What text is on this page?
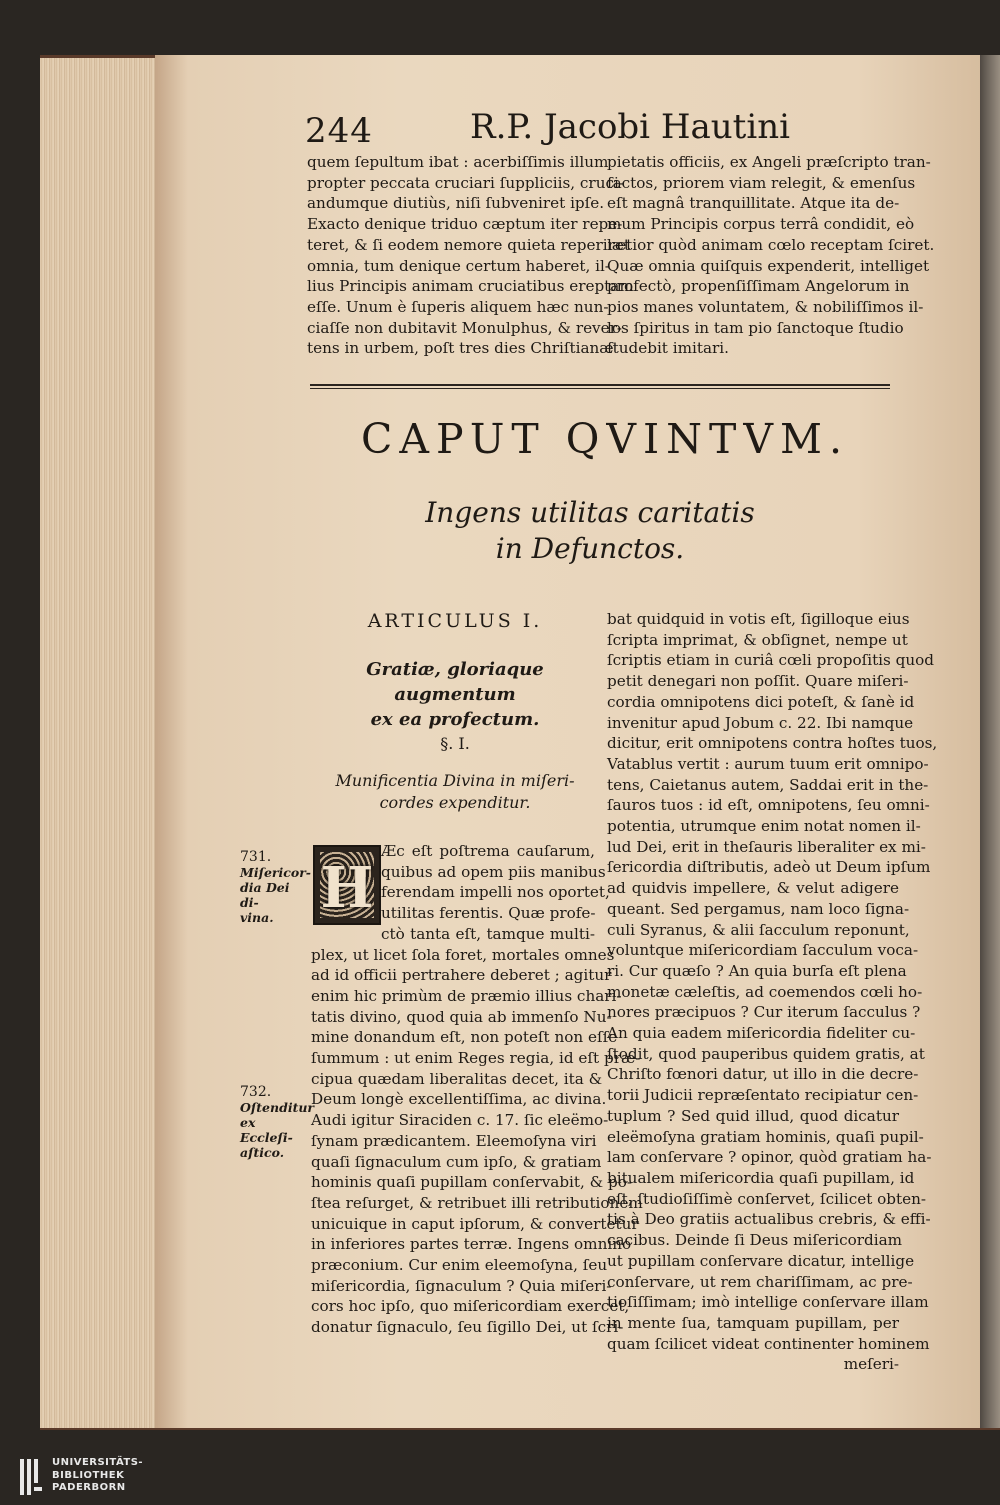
244	R.P. Jacobi Hautini
quem ſepultum ibat : acerbiſſimis illum
propter peccata cruciari ſuppliciis, cruci-
andumque diutiùs, niſi ſubveniret ipſe.
Exacto denique triduo cæptum iter repe-
teret, & ſi eodem nemore quieta reperiret
omnia, tum denique certum haberet, il-
lius Principis animam cruciatibus ereptam
eſſe. Unum è ſuperis aliquem hæc nun-
ciaſſe non dubitavit Monulphus, & rever-
tens in urbem, poſt tres dies Chriſtianæ
pietatis officiis, ex Angeli præſcripto tran-
ſactos, priorem viam relegit, & emenſus
eſt magnâ tranquillitate. Atque ita de-
mum Principis corpus terrâ condidit, eò
lætior quòd animam cœlo receptam ſciret.
Quæ omnia quiſquis expenderit, intelliget
profectò, propenſiſſimam Angelorum in
pios manes voluntatem, & nobiliſſimos il-
los ſpiritus in tam pio ſanctoque ſtudio
ſtudebit imitari.
CAPUT QVINTVM.
Ingens utilitas caritatis
in Defunctos.
ARTICULUS I.
Gratiæ, gloriaque augmentum
ex ea profectum.
§. I.
Munificentia Divina in miſeri-
cordes expenditur.
731.
Miſericor-
dia Dei di-
vina.
732.
Oſtenditur
ex Eccleſi-
aſtico.
H
Æc eſt poſtrema cauſarum,
quibus ad opem piis manibus
ferendam impelli nos oportet,
utilitas ferentis. Quæ profe-
ctò tanta eſt, tamque multi-
plex, ut licet ſola foret, mortales omnes
ad id officii pertrahere deberet ; agitur
enim hic primùm de præmio illius chari-
tatis divino, quod quia ab immenſo Nu-
mine donandum eſt, non poteſt non eſſe
ſummum : ut enim Reges regia, id eſt præ-
cipua quædam liberalitas decet, ita &
Deum longè excellentiſſima, ac divina.
Audi igitur Siraciden c. 17. ſic eleëmo-
ſynam prædicantem. Eleemoſyna viri
quaſi ſignaculum cum ipſo, & gratiam
hominis quaſi pupillam conſervabit, & po-
ſtea reſurget, & retribuet illi retributionem
unicuique in caput ipſorum, & convertetur
in inferiores partes terræ. Ingens omnino
præconium. Cur enim eleemoſyna, ſeu
miſericordia, ſignaculum ? Quia miſeri-
cors hoc ipſo, quo miſericordiam exercet,
donatur ſignaculo, ſeu ſigillo Dei, ut ſcri-
bat quidquid in votis eſt, ſigilloque eius
ſcripta imprimat, & obſignet, nempe ut
ſcriptis etiam in curiâ cœli propoſitis quod
petit denegari non poſſit. Quare miſeri-
cordia omnipotens dici poteſt, & ſanè id
invenitur apud Jobum c. 22. Ibi namque
dicitur, erit omnipotens contra hoſtes tuos,
Vatablus vertit : aurum tuum erit omnipo-
tens, Caietanus autem, Saddai erit in the-
ſauros tuos : id eſt, omnipotens, ſeu omni-
potentia, utrumque enim notat nomen il-
lud Dei, erit in theſauris liberaliter ex mi-
ſericordia diſtributis, adeò ut Deum ipſum
ad quidvis impellere, & velut adigere
queant. Sed pergamus, nam loco ſigna-
culi Syranus, & alii ſacculum reponunt,
voluntque miſericordiam ſacculum voca-
ri. Cur quæſo ? An quia burſa eſt plena
monetæ cæleſtis, ad coemendos cœli ho-
nores præcipuos ? Cur iterum ſacculus ?
An quia eadem miſericordia fideliter cu-
ſtodit, quod pauperibus quidem gratis, at
Chriſto fœnori datur, ut illo in die decre-
torii Judicii repræſentato recipiatur cen-
tuplum ? Sed quid illud, quod dicatur
eleëmoſyna gratiam hominis, quaſi pupil-
lam conſervare ? opinor, quòd gratiam ha-
bitualem miſericordia quaſi pupillam, id
eſt, ſtudioſiſſimè conſervet, ſcilicet obten-
tis à Deo gratiis actualibus crebris, & effi-
cacibus. Deinde ſi Deus miſericordiam
ut pupillam conſervare dicatur, intellige
conſervare, ut rem chariſſimam, ac pre-
tioſiſſimam; imò intellige conſervare illam
in mente ſua, tamquam pupillam, per
quam ſcilicet videat continenter hominem
meſeri-
UNIVERSITÄTS-
BIBLIOTHEK
PADERBORN
